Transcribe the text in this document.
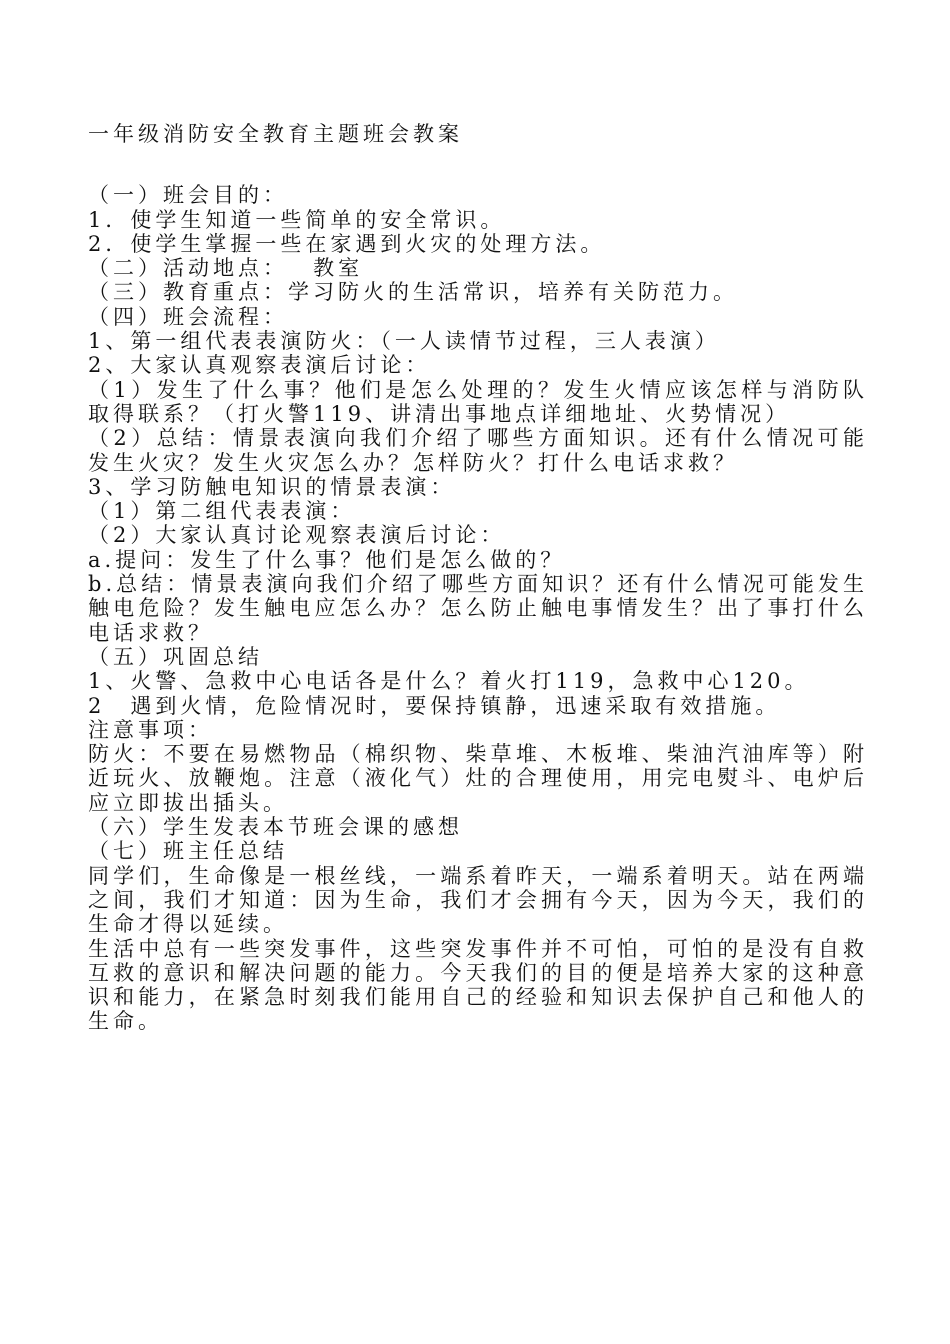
一年级消防安全教育主题班会教案

（一）班会目的：

1．使学生知道一些简单的安全常识。

2．使学生掌握一些在家遇到火灾的处理方法。

（二）活动地点：　 教室

（三）教育重点：学习防火的生活常识，培养有关防范力。

（四）班会流程：

1、第一组代表表演防火：（一人读情节过程，三人表演）

2、大家认真观察表演后讨论：

（1）发生了什么事？他们是怎么处理的？发生火情应该怎样与消防队取得联系？（打火警119、讲清出事地点详细地址、火势情况）

（2）总结：情景表演向我们介绍了哪些方面知识。还有什么情况可能发生火灾？发生火灾怎么办？怎样防火？打什么电话求救？

3、学习防触电知识的情景表演：

（1）第二组代表表演：

（2）大家认真讨论观察表演后讨论：

a.提问：发生了什么事？他们是怎么做的？

b.总结：情景表演向我们介绍了哪些方面知识？还有什么情况可能发生触电危险？发生触电应怎么办？怎么防止触电事情发生？出了事打什么电话求救？

（五）巩固总结

1、火警、急救中心电话各是什么？着火打119，急救中心120。

2　遇到火情，危险情况时，要保持镇静，迅速采取有效措施。

注意事项：

防火：不要在易燃物品（棉织物、柴草堆、木板堆、柴油汽油库等）附近玩火、放鞭炮。注意（液化气）灶的合理使用，用完电熨斗、电炉后应立即拔出插头。

（六）学生发表本节班会课的感想

（七）班主任总结

同学们，生命像是一根丝线，一端系着昨天，一端系着明天。站在两端之间，我们才知道：因为生命，我们才会拥有今天，因为今天，我们的生命才得以延续。

生活中总有一些突发事件，这些突发事件并不可怕，可怕的是没有自救互救的意识和解决问题的能力。今天我们的目的便是培养大家的这种意识和能力，在紧急时刻我们能用自己的经验和知识去保护自己和他人的生命。
